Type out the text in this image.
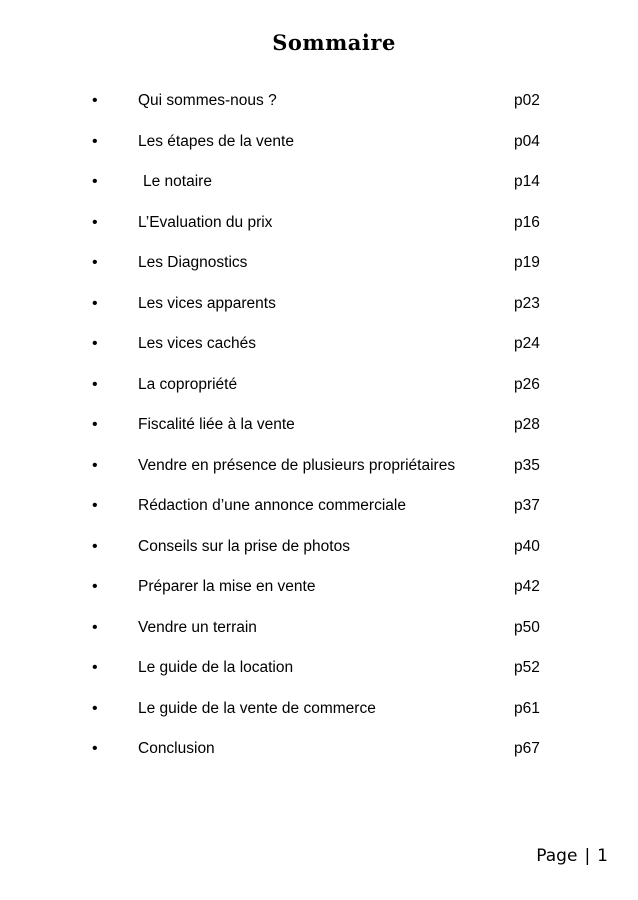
Sommaire
•	Qui sommes-nous ?	p02
•	Les étapes de la vente	p04
•	Le notaire	p14
•	L’Evaluation du prix	p16
•	Les Diagnostics	p19
•	Les vices apparents	p23
•	Les vices cachés	p24
•	La copropriété	p26
•	Fiscalité liée à la vente	p28
•	Vendre en présence de plusieurs propriétaires	p35
•	Rédaction d’une annonce commerciale	p37
•	Conseils sur la prise de photos	p40
•	Préparer la mise en vente	p42
•	Vendre un terrain	p50
•	Le guide de la location	p52
•	Le guide de la vente de commerce	p61
•	Conclusion	p67
Page | 1
